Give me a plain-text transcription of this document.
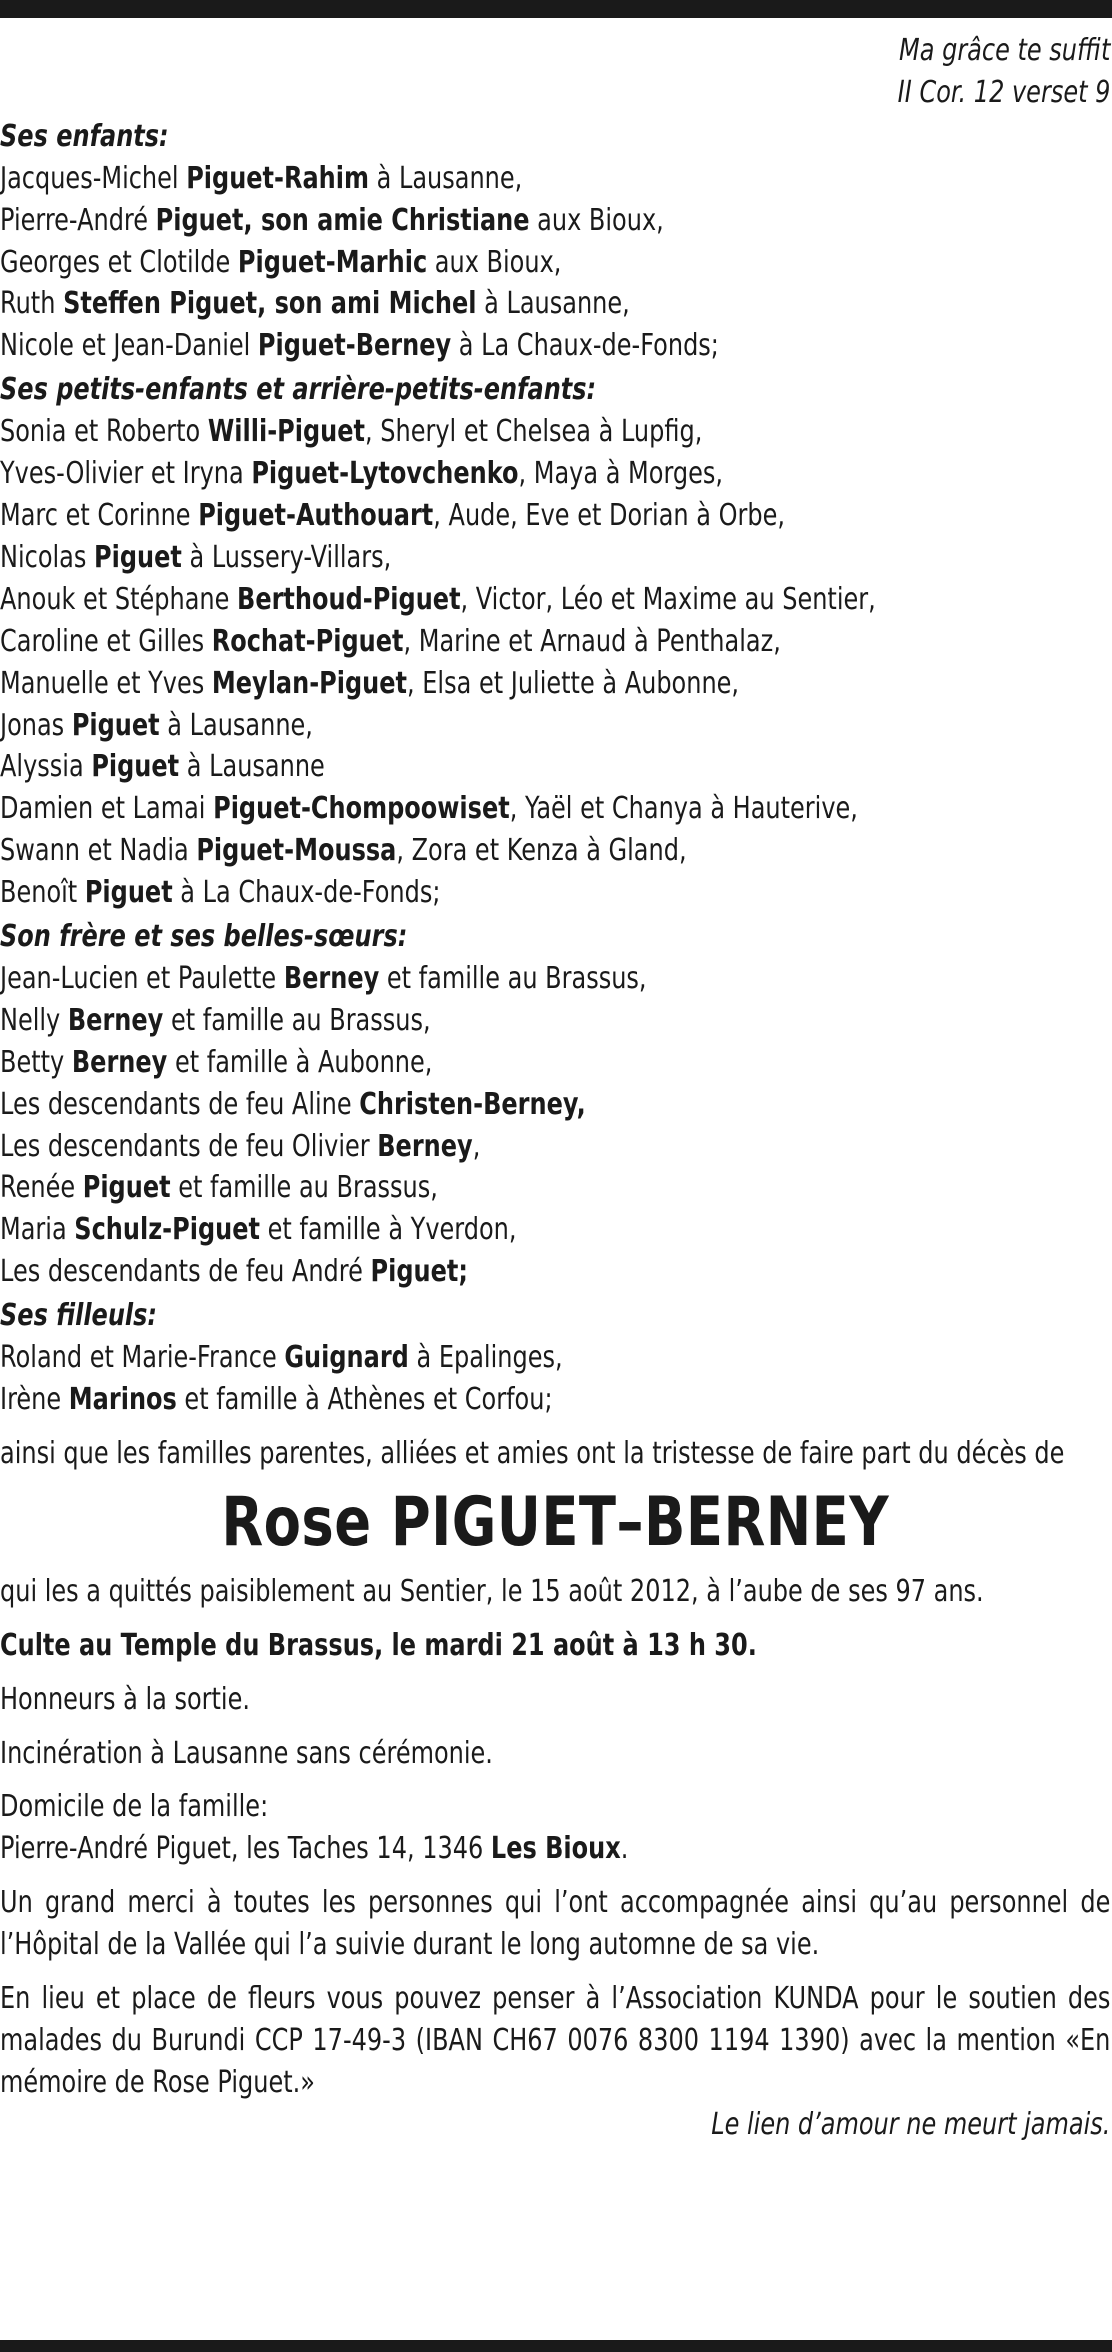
Ma grâce te suffit
II Cor. 12 verset 9
Ses enfants:
Jacques-Michel Piguet-Rahim à Lausanne,
Pierre-André Piguet, son amie Christiane aux Bioux,
Georges et Clotilde Piguet-Marhic aux Bioux,
Ruth Steffen Piguet, son ami Michel à Lausanne,
Nicole et Jean-Daniel Piguet-Berney à La Chaux-de-Fonds;
Ses petits-enfants et arrière-petits-enfants:
Sonia et Roberto Willi-Piguet, Sheryl et Chelsea à Lupfig,
Yves-Olivier et Iryna Piguet-Lytovchenko, Maya à Morges,
Marc et Corinne Piguet-Authouart, Aude, Eve et Dorian à Orbe,
Nicolas Piguet à Lussery-Villars,
Anouk et Stéphane Berthoud-Piguet, Victor, Léo et Maxime au Sentier,
Caroline et Gilles Rochat-Piguet, Marine et Arnaud à Penthalaz,
Manuelle et Yves Meylan-Piguet, Elsa et Juliette à Aubonne,
Jonas Piguet à Lausanne,
Alyssia Piguet à Lausanne
Damien et Lamai Piguet-Chompoowiset, Yaël et Chanya à Hauterive,
Swann et Nadia Piguet-Moussa, Zora et Kenza à Gland,
Benoît Piguet à La Chaux-de-Fonds;
Son frère et ses belles-sœurs:
Jean-Lucien et Paulette Berney et famille au Brassus,
Nelly Berney et famille au Brassus,
Betty Berney et famille à Aubonne,
Les descendants de feu Aline Christen-Berney,
Les descendants de feu Olivier Berney,
Renée Piguet et famille au Brassus,
Maria Schulz-Piguet et famille à Yverdon,
Les descendants de feu André Piguet;
Ses filleuls:
Roland et Marie-France Guignard à Epalinges,
Irène Marinos et famille à Athènes et Corfou;
ainsi que les familles parentes, alliées et amies ont la tristesse de faire part du décès de
Rose PIGUET–BERNEY
qui les a quittés paisiblement au Sentier, le 15 août 2012, à l’aube de ses 97 ans.
Culte au Temple du Brassus, le mardi 21 août à 13 h 30.
Honneurs à la sortie.
Incinération à Lausanne sans cérémonie.
Domicile de la famille:
Pierre-André Piguet, les Taches 14, 1346 Les Bioux.
Un grand merci à toutes les personnes qui l’ont accompagnée ainsi qu’au personnel de l’Hôpital de la Vallée qui l’a suivie durant le long automne de sa vie.
En lieu et place de fleurs vous pouvez penser à l’Association KUNDA pour le soutien des malades du Burundi CCP 17-49-3 (IBAN CH67 0076 8300 1194 1390) avec la mention «En mémoire de Rose Piguet.»
Le lien d’amour ne meurt jamais.
